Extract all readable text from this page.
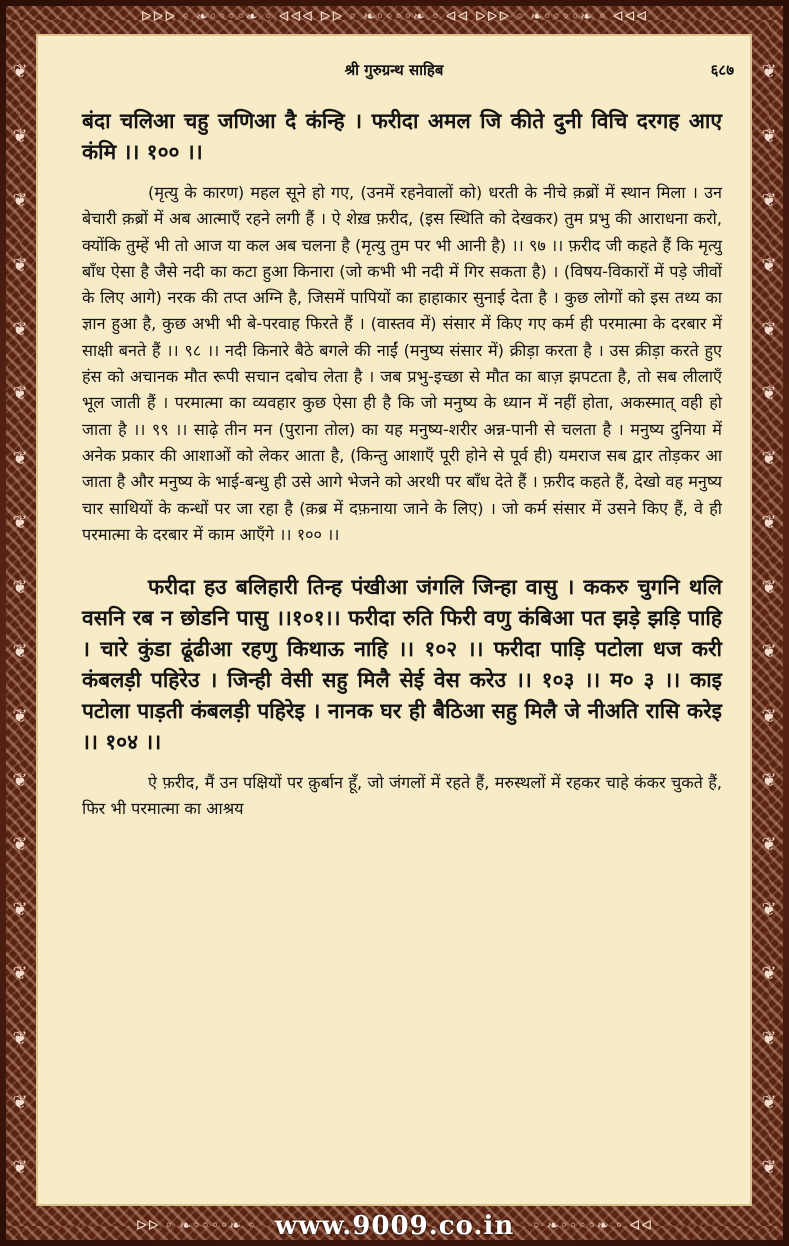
ᐅᐅᐅ ◦ ❧◦◦◦◦❧ ◦ ᐊᐊᐊ ᐅᐅ ◦ ❧◦◦◦◦❧ ◦ ᐊᐊ ᐅᐅᐅ ◦ ❧◦◦◦◦❧ ◦ ᐊᐊᐊ
❦
❦
❦
❦
❦
❦
❦
❦
❦
❦
❦
❦
❦
❦
❦
❦
❦
❦
❦
❦
❦
❦
❦
❦
❦
❦
❦
❦
❦
❦
❦
❦
❦
❦
❦
❦
श्री गुरुग्रन्थ साहिब	६८७

बंदा चलिआ चहु जणिआ दै कंन्हि । फरीदा अमल जि कीते दुनी विचि दरगह आए कंमि ।। १०० ।।

(मृत्यु के कारण) महल सूने हो गए, (उनमें रहनेवालों को) धरती के नीचे क़ब्रों में स्थान मिला । उन बेचारी क़ब्रों में अब आत्माएँ रहने लगी हैं । ऐ शेख़ फ़रीद, (इस स्थिति को देखकर) तुम प्रभु की आराधना करो, क्योंकि तुम्हें भी तो आज या कल अब चलना है (मृत्यु तुम पर भी आनी है) ।। ९७ ।। फ़रीद जी कहते हैं कि मृत्यु बाँध ऐसा है जैसे नदी का कटा हुआ किनारा (जो कभी भी नदी में गिर सकता है) । (विषय-विकारों में पड़े जीवों के लिए आगे) नरक की तप्त अग्नि है, जिसमें पापियों का हाहाकार सुनाई देता है । कुछ लोगों को इस तथ्य का ज्ञान हुआ है, कुछ अभी भी बे-परवाह फिरते हैं । (वास्तव में) संसार में किए गए कर्म ही परमात्मा के दरबार में साक्षी बनते हैं ।। ९८ ।। नदी किनारे बैठे बगले की नाईं (मनुष्य संसार में) क्रीड़ा करता है । उस क्रीड़ा करते हुए हंस को अचानक मौत रूपी सचान दबोच लेता है । जब प्रभु-इच्छा से मौत का बाज़ झपटता है, तो सब लीलाएँ भूल जाती हैं । परमात्मा का व्यवहार कुछ ऐसा ही है कि जो मनुष्य के ध्यान में नहीं होता, अकस्मात् वही हो जाता है ।। ९९ ।। साढ़े तीन मन (पुराना तोल) का यह मनुष्य-शरीर अन्न-पानी से चलता है । मनुष्य दुनिया में अनेक प्रकार की आशाओं को लेकर आता है, (किन्तु आशाएँ पूरी होने से पूर्व ही) यमराज सब द्वार तोड़कर आ जाता है और मनुष्य के भाई-बन्धु ही उसे आगे भेजने को अरथी पर बाँध देते हैं । फ़रीद कहते हैं, देखो वह मनुष्य चार साथियों के कन्धों पर जा रहा है (क़ब्र में दफ़नाया जाने के लिए) । जो कर्म संसार में उसने किए हैं, वे ही परमात्मा के दरबार में काम आएँगे ।। १०० ।।

फरीदा हउ बलिहारी तिन्ह पंखीआ जंगलि जिन्हा वासु । ककरु चुगनि थलि वसनि रब न छोडनि पासु ।।१०१।। फरीदा रुति फिरी वणु कंबिआ पत झड़े झड़ि पाहि । चारे कुंडा ढूंढीआ रहणु किथाऊ नाहि ।। १०२ ।। फरीदा पाड़ि पटोला धज करी कंबलड़ी पहिरेउ । जिन्ही वेसी सहु मिलै सेई वेस करेउ ।। १०३ ।। म० ३ ।। काइ पटोला पाड़ती कंबलड़ी पहिरेइ । नानक घर ही बैठिआ सहु मिलै जे नीअति रासि करेइ ।। १०४ ।।

ऐ फ़रीद, मैं उन पक्षियों पर क़ुर्बान हूँ, जो जंगलों में रहते हैं, मरुस्थलों में रहकर चाहे कंकर चुकते हैं, फिर भी परमात्मा का आश्रय

ᐅᐅ ◦ ❧◦◦◦◦❧ ◦ www.9009.co.in ◦ ❧◦◦◦◦❧ ◦ ᐊᐊ
